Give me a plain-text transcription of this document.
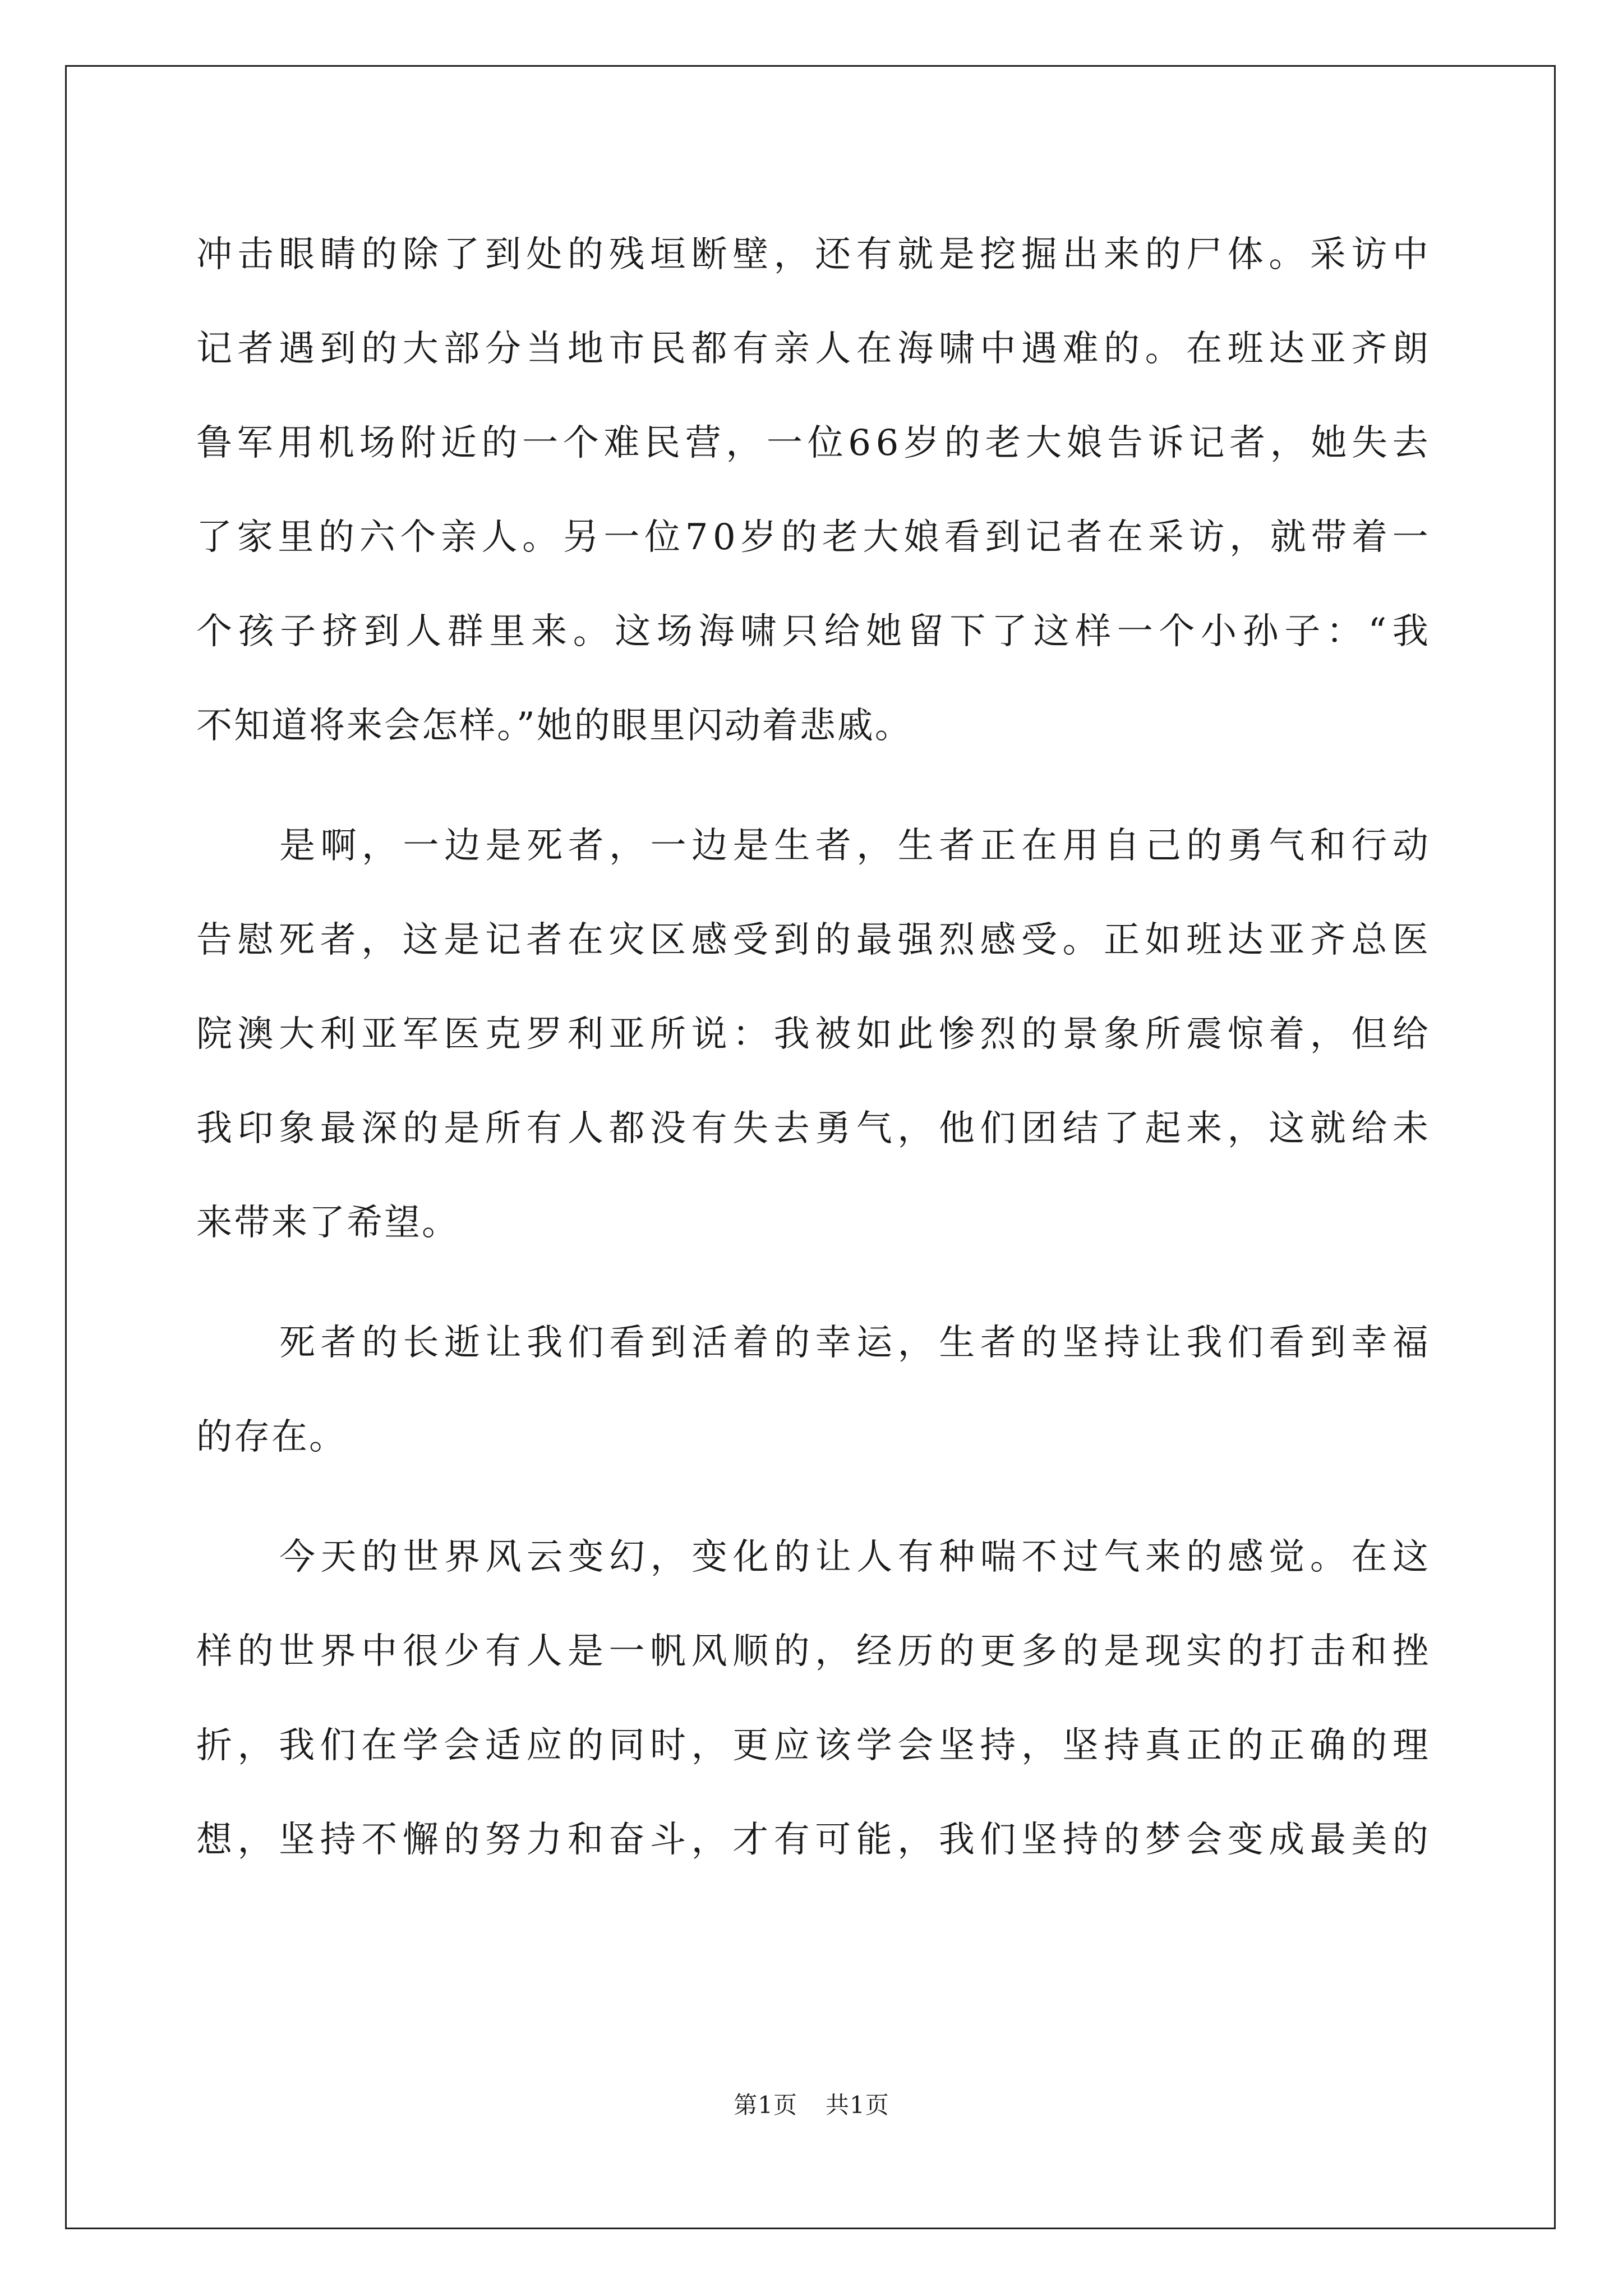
冲 击 眼 睛 的 除 了 到 处 的 残 垣 断 壁 ， 还 有 就 是 挖 掘 出 来 的 尸 体 。 采 访 中
记 者 遇 到 的 大 部 分 当 地 市 民 都 有 亲 人 在 海 啸 中 遇 难 的 。 在 班 达 亚 齐 朗
鲁 军 用 机 场 附 近 的 一 个 难 民 营 ， 一 位 6 6 岁 的 老 大 娘 告 诉 记 者 ， 她 失 去
了 家 里 的 六 个 亲 人 。 另 一 位 7 0 岁 的 老 大 娘 看 到 记 者 在 采 访 ， 就 带 着 一
个 孩 子 挤 到 人 群 里 来 。 这 场 海 啸 只 给 她 留 下 了 这 样 一 个 小 孙 子 ： “ 我
不知道将来会怎样。”她的眼里闪动着悲戚。
是 啊 ， 一 边 是 死 者 ， 一 边 是 生 者 ， 生 者 正 在 用 自 己 的 勇 气 和 行 动
告 慰 死 者 ， 这 是 记 者 在 灾 区 感 受 到 的 最 强 烈 感 受 。 正 如 班 达 亚 齐 总 医
院 澳 大 利 亚 军 医 克 罗 利 亚 所 说 ： 我 被 如 此 惨 烈 的 景 象 所 震 惊 着 ， 但 给
我 印 象 最 深 的 是 所 有 人 都 没 有 失 去 勇 气 ， 他 们 团 结 了 起 来 ， 这 就 给 未
来带来了希望。
死 者 的 长 逝 让 我 们 看 到 活 着 的 幸 运 ， 生 者 的 坚 持 让 我 们 看 到 幸 福
的存在。
今 天 的 世 界 风 云 变 幻 ， 变 化 的 让 人 有 种 喘 不 过 气 来 的 感 觉 。 在 这
样 的 世 界 中 很 少 有 人 是 一 帆 风 顺 的 ， 经 历 的 更 多 的 是 现 实 的 打 击 和 挫
折 ， 我 们 在 学 会 适 应 的 同 时 ， 更 应 该 学 会 坚 持 ， 坚 持 真 正 的 正 确 的 理
想 ， 坚 持 不 懈 的 努 力 和 奋 斗 ， 才 有 可 能 ， 我 们 坚 持 的 梦 会 变 成 最 美 的
第1页 共1页
